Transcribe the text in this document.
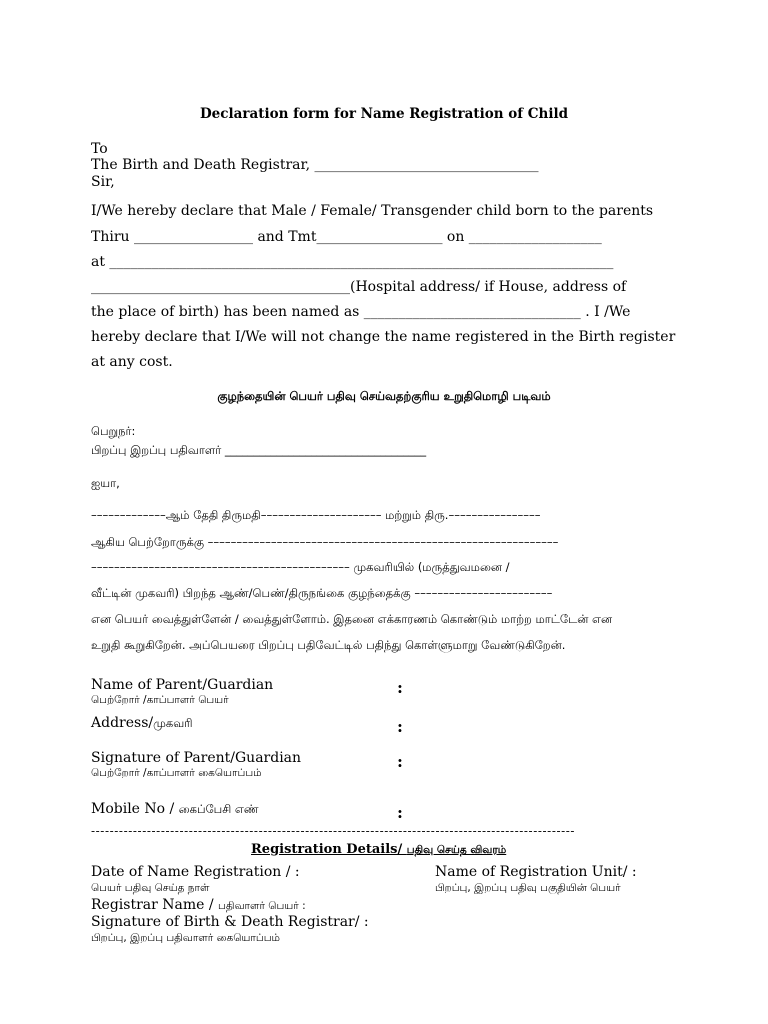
Declaration form for Name Registration of Child
To
The Birth and Death Registrar, ________________________________
Sir,
I/We hereby declare that Male / Female/ Transgender child born to the parents
Thiru _________________ and Tmt__________________ on ___________________
at ________________________________________________________________________
_____________________________________(Hospital address/ if House, address of
the place of birth) has been named as _______________________________ . I /We
hereby declare that I/We will not change the name registered in the Birth register
at any cost.
குழந்தையின் பெயர் பதிவு செய்வதற்குரிய உறுதிமொழி படிவம்
பெறுநர்:
பிறப்பு இறப்பு பதிவாளர் ___________________________________
ஐயா,
–––––––––––––ஆம் தேதி திருமதி––––––––––––––––––––– மற்றும் திரு.––––––––––––––––
ஆகிய பெற்றோருக்கு –––––––––––––––––––––––––––––––––––––––––––––––––––––––––––––
––––––––––––––––––––––––––––––––––––––––––––– முகவரியில் (மருத்துவமனை /
வீட்டின் முகவரி) பிறந்த ஆண்/பெண்/திருநங்கை குழந்தைக்கு ––––––––––––––––––––––––
என பெயர் வைத்துள்ளேன் / வைத்துள்ளோம். இதனை எக்காரணம் கொண்டும் மாற்ற மாட்டேன் என
உறுதி கூறுகிறேன். அப்பெயரை பிறப்பு பதிவேட்டில் பதிந்து கொள்ளுமாறு வேண்டுகிறேன்.
Name of Parent/Guardian
பெற்றோர் /காப்பாளர் பெயர்
:
Address/முகவரி	:
Signature of Parent/Guardian
பெற்றோர் /காப்பாளர் கையொப்பம்
:
Mobile No / கைப்பேசி எண்	:
--------------------------------------------------------------------------------------------------------
Registration Details/ பதிவு செய்த விவரம்
Date of Name Registration / :
பெயர் பதிவு செய்த நாள்
Name of Registration Unit/ :
பிறப்பு, இறப்பு பதிவு பகுதியின் பெயர்
Registrar Name / பதிவாளர் பெயர் :
Signature of Birth & Death Registrar/ :
பிறப்பு, இறப்பு பதிவாளர் கையொப்பம்
